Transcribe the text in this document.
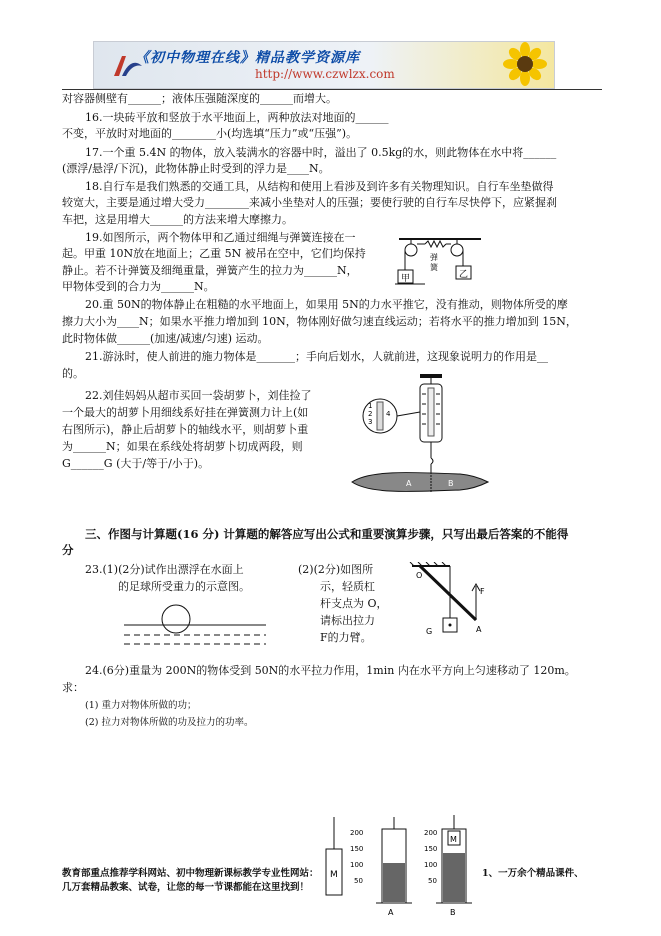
《初中物理在线》精品教学资源库
http://www.czwlzx.com
对容器侧壁有______；液体压强随深度的______而增大。
16.一块砖平放和竖放于水平地面上，两种放法对地面的______
不变，平放时对地面的________小(均选填“压力”或“压强”)。
17.一个重 5.4N 的物体，放入装满水的容器中时，溢出了 0.5kg的水，则此物体在水中将______
(漂浮/悬浮/下沉)，此物体静止时受到的浮力是____N。
18.自行车是我们熟悉的交通工具，从结构和使用上看涉及到许多有关物理知识。自行车坐垫做得
较宽大，主要是通过增大受力________来减小坐垫对人的压强；要使行驶的自行车尽快停下，应紧握刹
车把，这是用增大______的方法来增大摩擦力。
19.如图所示，两个物体甲和乙通过细绳与弹簧连接在一
起。甲重 10N放在地面上；乙重 5N 被吊在空中，它们均保持
静止。若不计弹簧及细绳重量，弹簧产生的拉力为______N，
甲物体受到的合力为______N。
甲	乙
弹
簧
20.重 50N的物体静止在粗糙的水平地面上，如果用 5N的力水平推它，没有推动，则物体所受的摩
擦力大小为____N；如果水平推力增加到 10N，物体刚好做匀速直线运动；若将水平的推力增加到 15N，
此时物体做______(加速/减速/匀速) 运动。
21.游泳时，使人前进的施力物体是_______；手向后划水，人就前进，这现象说明力的作用是__
的。
22.刘佳妈妈从超市买回一袋胡萝卜，刘佳捡了
一个最大的胡萝卜用细线系好挂在弹簧测力计上(如
右图所示)，静止后胡萝卜的轴线水平，则胡萝卜重
为______N；如果在系线处将胡萝卜切成两段，则
G______G (大于/等于/小于)。
1
2
3
4
A	B
三、作图与计算题(16 分) 计算题的解答应写出公式和重要演算步骤，只写出最后答案的不能得
分
23.(1)(2分)试作出漂浮在水面上
的足球所受重力的示意图。
(2)(2分)如图所
示，轻质杠
杆支点为 O，
请标出拉力
F的力臂。
O
F
G	A
24.(6分)重量为 200N的物体受到 50N的水平拉力作用，1min 内在水平方向上匀速移动了 120m。
求：
(1) 重力对物体所做的功；
(2) 拉力对物体所做的功及拉力的功率。
M
200
150
100
50
A
M
200
150
100
50
B
教育部重点推荐学科网站、初中物理新课标教学专业性网站：
几万套精品教案、试卷，让您的每一节课都能在这里找到！
1、一万余个精品课件、
